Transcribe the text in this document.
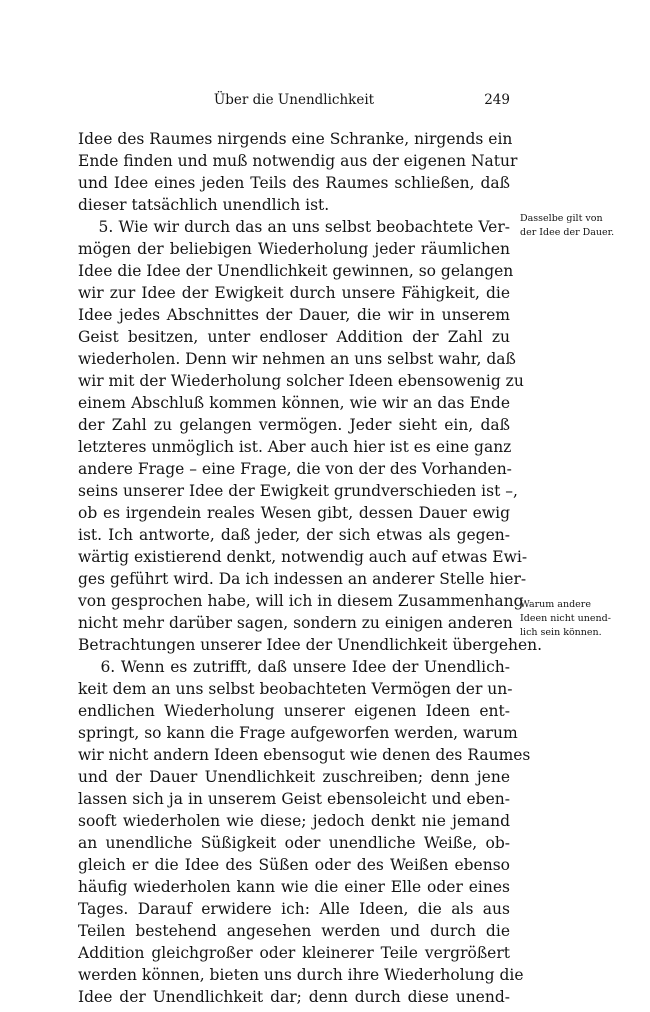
Über die Unendlichkeit	249
Idee des Raumes nirgends eine Schranke, nirgends ein
Ende finden und muß notwendig aus der eigenen Natur
und Idee eines jeden Teils des Raumes schließen, daß
dieser tatsächlich unendlich ist.
5. Wie wir durch das an uns selbst beobachtete Ver-
mögen der beliebigen Wiederholung jeder räumlichen
Idee die Idee der Unendlichkeit gewinnen, so gelangen
wir zur Idee der Ewigkeit durch unsere Fähigkeit, die
Idee jedes Abschnittes der Dauer, die wir in unserem
Geist besitzen, unter endloser Addition der Zahl zu
wiederholen. Denn wir nehmen an uns selbst wahr, daß
wir mit der Wiederholung solcher Ideen ebensowenig zu
einem Abschluß kommen können, wie wir an das Ende
der Zahl zu gelangen vermögen. Jeder sieht ein, daß
letzteres unmöglich ist. Aber auch hier ist es eine ganz
andere Frage – eine Frage, die von der des Vorhanden-
seins unserer Idee der Ewigkeit grundverschieden ist –,
ob es irgendein reales Wesen gibt, dessen Dauer ewig
ist. Ich antworte, daß jeder, der sich etwas als gegen-
wärtig existierend denkt, notwendig auch auf etwas Ewi-
ges geführt wird. Da ich indessen an anderer Stelle hier-
von gesprochen habe, will ich in diesem Zusammenhang
nicht mehr darüber sagen, sondern zu einigen anderen
Betrachtungen unserer Idee der Unendlichkeit übergehen.
6. Wenn es zutrifft, daß unsere Idee der Unendlich-
keit dem an uns selbst beobachteten Vermögen der un-
endlichen Wiederholung unserer eigenen Ideen ent-
springt, so kann die Frage aufgeworfen werden, warum
wir nicht andern Ideen ebensogut wie denen des Raumes
und der Dauer Unendlichkeit zuschreiben; denn jene
lassen sich ja in unserem Geist ebensoleicht und eben-
sooft wiederholen wie diese; jedoch denkt nie jemand
an unendliche Süßigkeit oder unendliche Weiße, ob-
gleich er die Idee des Süßen oder des Weißen ebenso
häufig wiederholen kann wie die einer Elle oder eines
Tages. Darauf erwidere ich: Alle Ideen, die als aus
Teilen bestehend angesehen werden und durch die
Addition gleichgroßer oder kleinerer Teile vergrößert
werden können, bieten uns durch ihre Wiederholung die
Idee der Unendlichkeit dar; denn durch diese unend-
Dasselbe gilt von
der Idee der Dauer.
Warum andere
Ideen nicht unend-
lich sein können.
